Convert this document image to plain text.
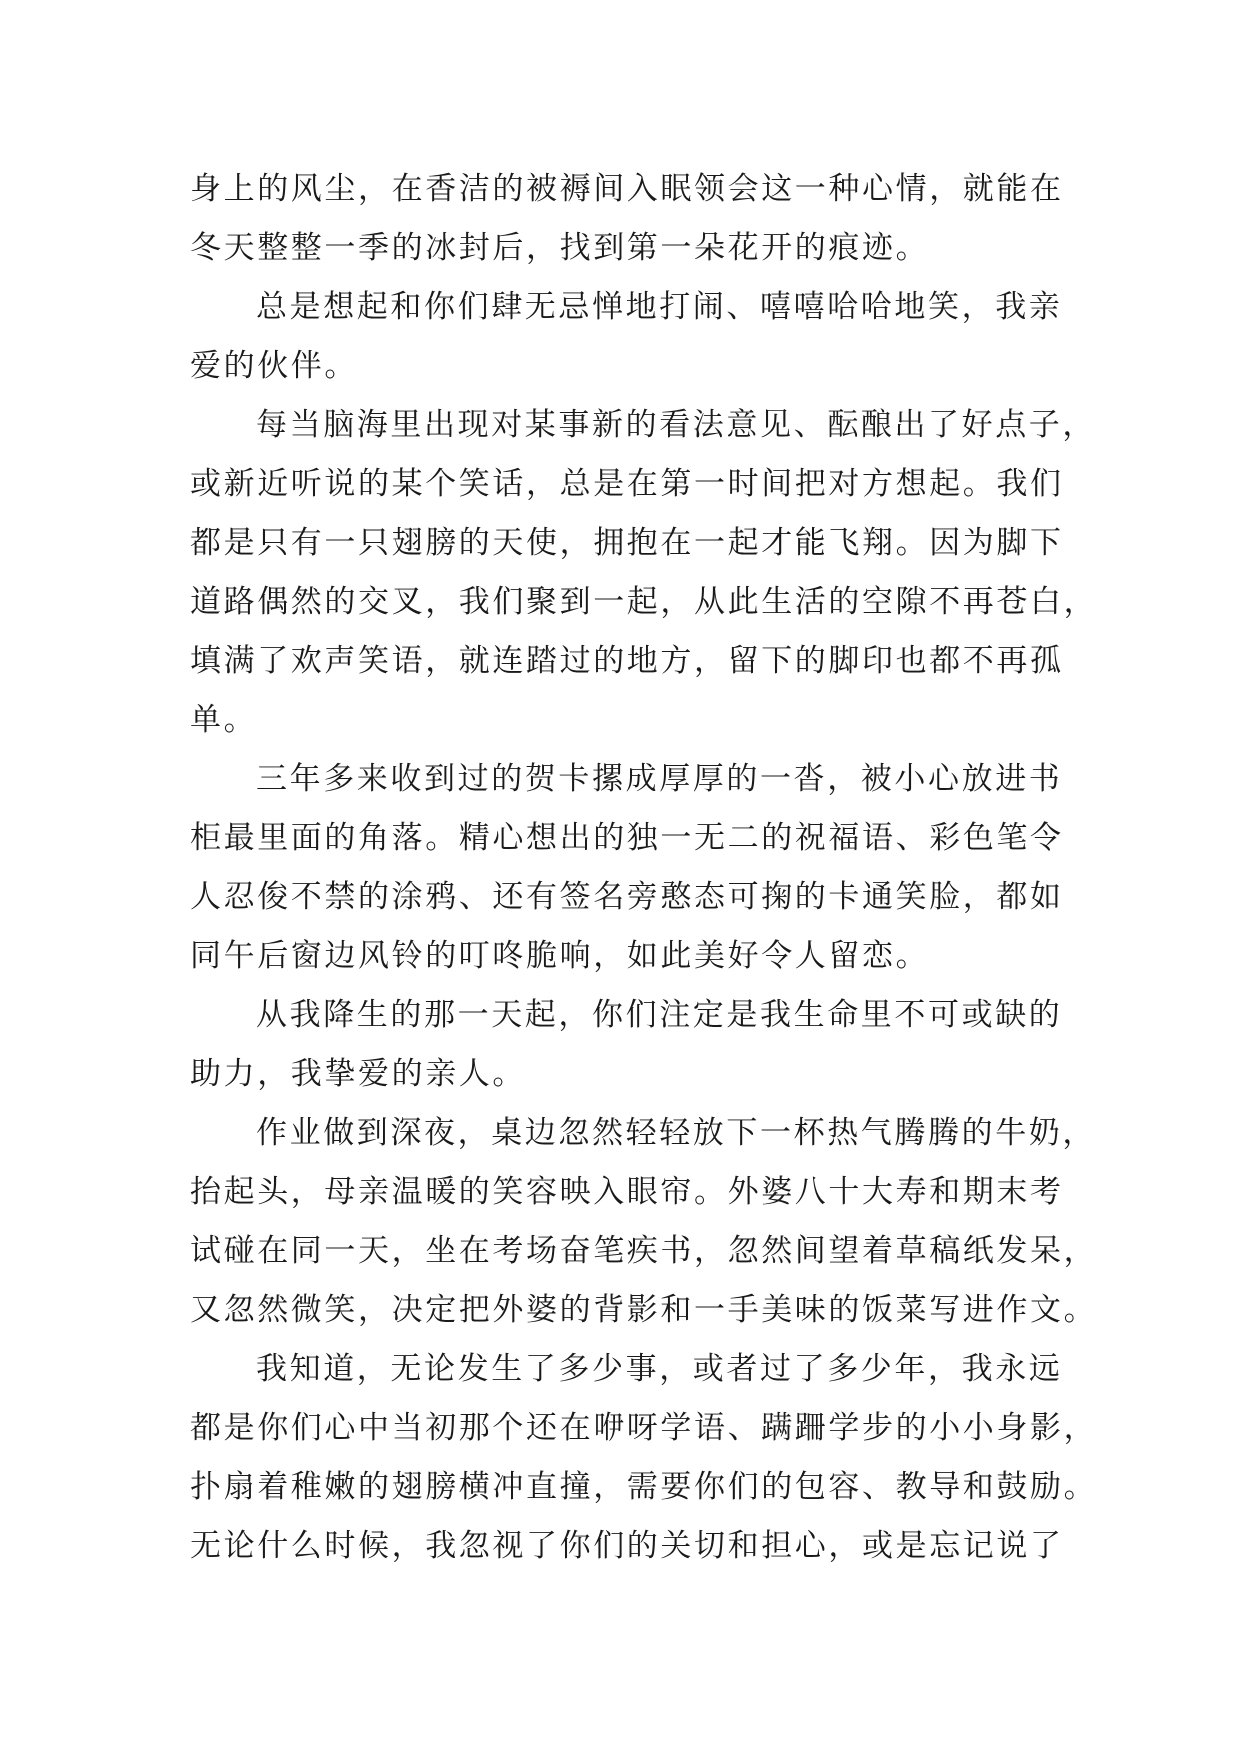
身上的风尘，在香洁的被褥间入眠领会这一种心情，就能在
冬天整整一季的冰封后，找到第一朵花开的痕迹。
总是想起和你们肆无忌惮地打闹、嘻嘻哈哈地笑，我亲
爱的伙伴。
每当脑海里出现对某事新的看法意见、酝酿出了好点子，
或新近听说的某个笑话，总是在第一时间把对方想起。我们
都是只有一只翅膀的天使，拥抱在一起才能飞翔。因为脚下
道路偶然的交叉，我们聚到一起，从此生活的空隙不再苍白，
填满了欢声笑语，就连踏过的地方，留下的脚印也都不再孤
单。
三年多来收到过的贺卡摞成厚厚的一沓，被小心放进书
柜最里面的角落。精心想出的独一无二的祝福语、彩色笔令
人忍俊不禁的涂鸦、还有签名旁憨态可掬的卡通笑脸，都如
同午后窗边风铃的叮咚脆响，如此美好令人留恋。
从我降生的那一天起，你们注定是我生命里不可或缺的
助力，我挚爱的亲人。
作业做到深夜，桌边忽然轻轻放下一杯热气腾腾的牛奶，
抬起头，母亲温暖的笑容映入眼帘。外婆八十大寿和期末考
试碰在同一天，坐在考场奋笔疾书，忽然间望着草稿纸发呆，
又忽然微笑，决定把外婆的背影和一手美味的饭菜写进作文。
我知道，无论发生了多少事，或者过了多少年，我永远
都是你们心中当初那个还在咿呀学语、蹒跚学步的小小身影，
扑扇着稚嫩的翅膀横冲直撞，需要你们的包容、教导和鼓励。
无论什么时候，我忽视了你们的关切和担心，或是忘记说了
